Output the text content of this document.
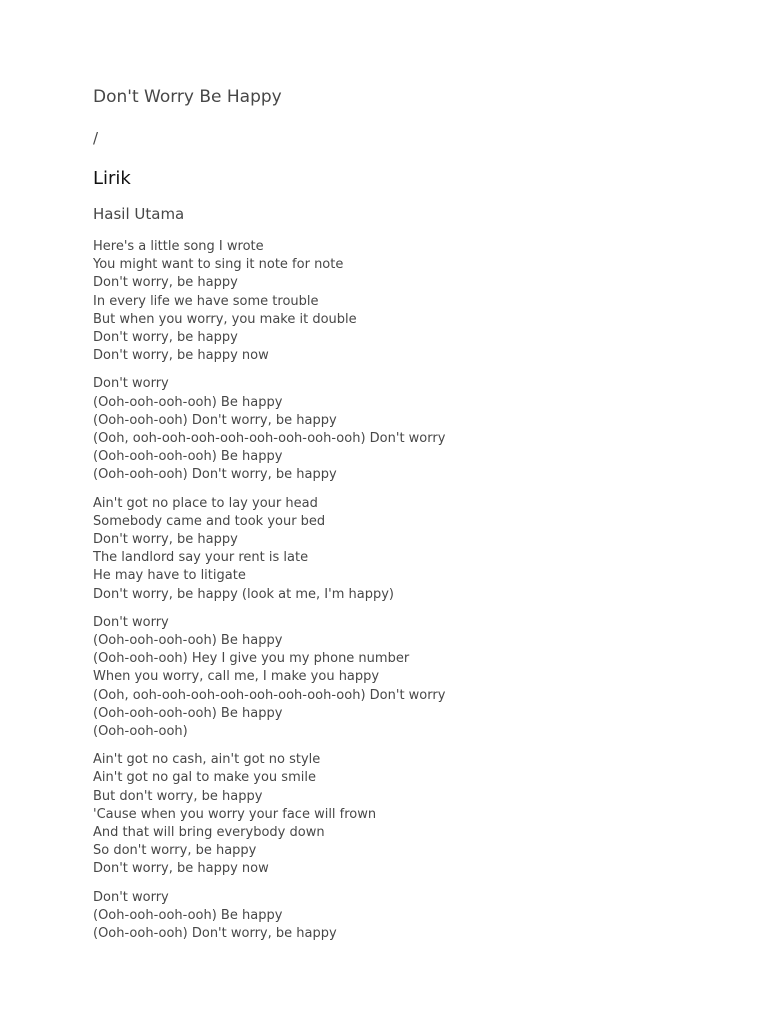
Don't Worry Be Happy
/
Lirik
Hasil Utama
Here's a little song I wrote
You might want to sing it note for note
Don't worry, be happy
In every life we have some trouble
But when you worry, you make it double
Don't worry, be happy
Don't worry, be happy now
Don't worry
(Ooh-ooh-ooh-ooh) Be happy
(Ooh-ooh-ooh) Don't worry, be happy
(Ooh, ooh-ooh-ooh-ooh-ooh-ooh-ooh-ooh) Don't worry
(Ooh-ooh-ooh-ooh) Be happy
(Ooh-ooh-ooh) Don't worry, be happy
Ain't got no place to lay your head
Somebody came and took your bed
Don't worry, be happy
The landlord say your rent is late
He may have to litigate
Don't worry, be happy (look at me, I'm happy)
Don't worry
(Ooh-ooh-ooh-ooh) Be happy
(Ooh-ooh-ooh) Hey I give you my phone number
When you worry, call me, I make you happy
(Ooh, ooh-ooh-ooh-ooh-ooh-ooh-ooh-ooh) Don't worry
(Ooh-ooh-ooh-ooh) Be happy
(Ooh-ooh-ooh)
Ain't got no cash, ain't got no style
Ain't got no gal to make you smile
But don't worry, be happy
'Cause when you worry your face will frown
And that will bring everybody down
So don't worry, be happy
Don't worry, be happy now
Don't worry
(Ooh-ooh-ooh-ooh) Be happy
(Ooh-ooh-ooh) Don't worry, be happy
